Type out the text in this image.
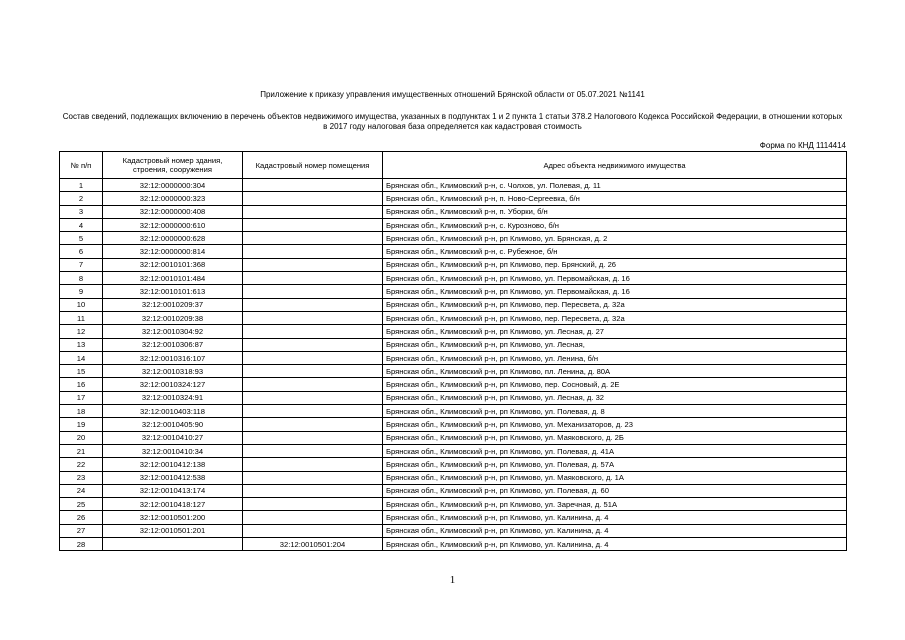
Приложение к приказу управления имущественных отношений Брянской области от 05.07.2021 №1141
Состав сведений, подлежащих включению в перечень объектов недвижимого имущества, указанных в подпунктах 1 и 2 пункта 1 статьи 378.2 Налогового Кодекса Российской Федерации, в отношении которых в 2017 году налоговая база определяется как кадастровая стоимость
Форма по КНД 1114414
№ п/п	Кадастровый номер здания, строения, сооружения	Кадастровый номер помещения	Адрес объекта недвижимого имущества
1	32:12:0000000:304		Брянская обл., Климовский р-н, с. Чолхов, ул. Полевая, д. 11
2	32:12:0000000:323		Брянская обл., Климовский р-н, п. Ново-Сергеевка, б/н
3	32:12:0000000:408		Брянская обл., Климовский р-н, п. Уборки, б/н
4	32:12:0000000:610		Брянская обл., Климовский р-н, с. Курозново, б/н
5	32:12:0000000:628		Брянская обл., Климовский р-н, рп Климово, ул. Брянская, д. 2
6	32:12:0000000:814		Брянская обл., Климовский р-н, с. Рубежное, б/н
7	32:12:0010101:368		Брянская обл., Климовский р-н, рп Климово, пер. Брянский, д. 26
8	32:12:0010101:484		Брянская обл., Климовский р-н, рп Климово, ул. Первомайская, д. 16
9	32:12:0010101:613		Брянская обл., Климовский р-н, рп Климово, ул. Первомайская, д. 16
10	32:12:0010209:37		Брянская обл., Климовский р-н, рп Климово, пер. Пересвета, д. 32а
11	32:12:0010209:38		Брянская обл., Климовский р-н, рп Климово, пер. Пересвета, д. 32а
12	32:12:0010304:92		Брянская обл., Климовский р-н, рп Климово, ул. Лесная, д. 27
13	32:12:0010306:87		Брянская обл., Климовский р-н, рп Климово, ул. Лесная,
14	32:12:0010316:107		Брянская обл., Климовский р-н, рп Климово, ул. Ленина, б/н
15	32:12:0010318:93		Брянская обл., Климовский р-н, рп Климово, пл. Ленина, д. 80А
16	32:12:0010324:127		Брянская обл., Климовский р-н, рп Климово, пер. Сосновый, д. 2Е
17	32:12:0010324:91		Брянская обл., Климовский р-н, рп Климово, ул. Лесная, д. 32
18	32:12:0010403:118		Брянская обл., Климовский р-н, рп Климово, ул. Полевая, д. 8
19	32:12:0010405:90		Брянская обл., Климовский р-н, рп Климово, ул. Механизаторов, д. 23
20	32:12:0010410:27		Брянская обл., Климовский р-н, рп Климово, ул. Маяковского, д. 2Б
21	32:12:0010410:34		Брянская обл., Климовский р-н, рп Климово, ул. Полевая, д. 41А
22	32:12:0010412:138		Брянская обл., Климовский р-н, рп Климово, ул. Полевая, д. 57А
23	32:12:0010412:538		Брянская обл., Климовский р-н, рп Климово, ул. Маяковского, д. 1А
24	32:12:0010413:174		Брянская обл., Климовский р-н, рп Климово, ул. Полевая, д. 60
25	32:12:0010418:127		Брянская обл., Климовский р-н, рп Климово, ул. Заречная, д. 51А
26	32:12:0010501:200		Брянская обл., Климовский р-н, рп Климово, ул. Калинина, д. 4
27	32:12:0010501:201		Брянская обл., Климовский р-н, рп Климово, ул. Калинина, д. 4
28		32:12:0010501:204	Брянская обл., Климовский р-н, рп Климово, ул. Калинина, д. 4
1
